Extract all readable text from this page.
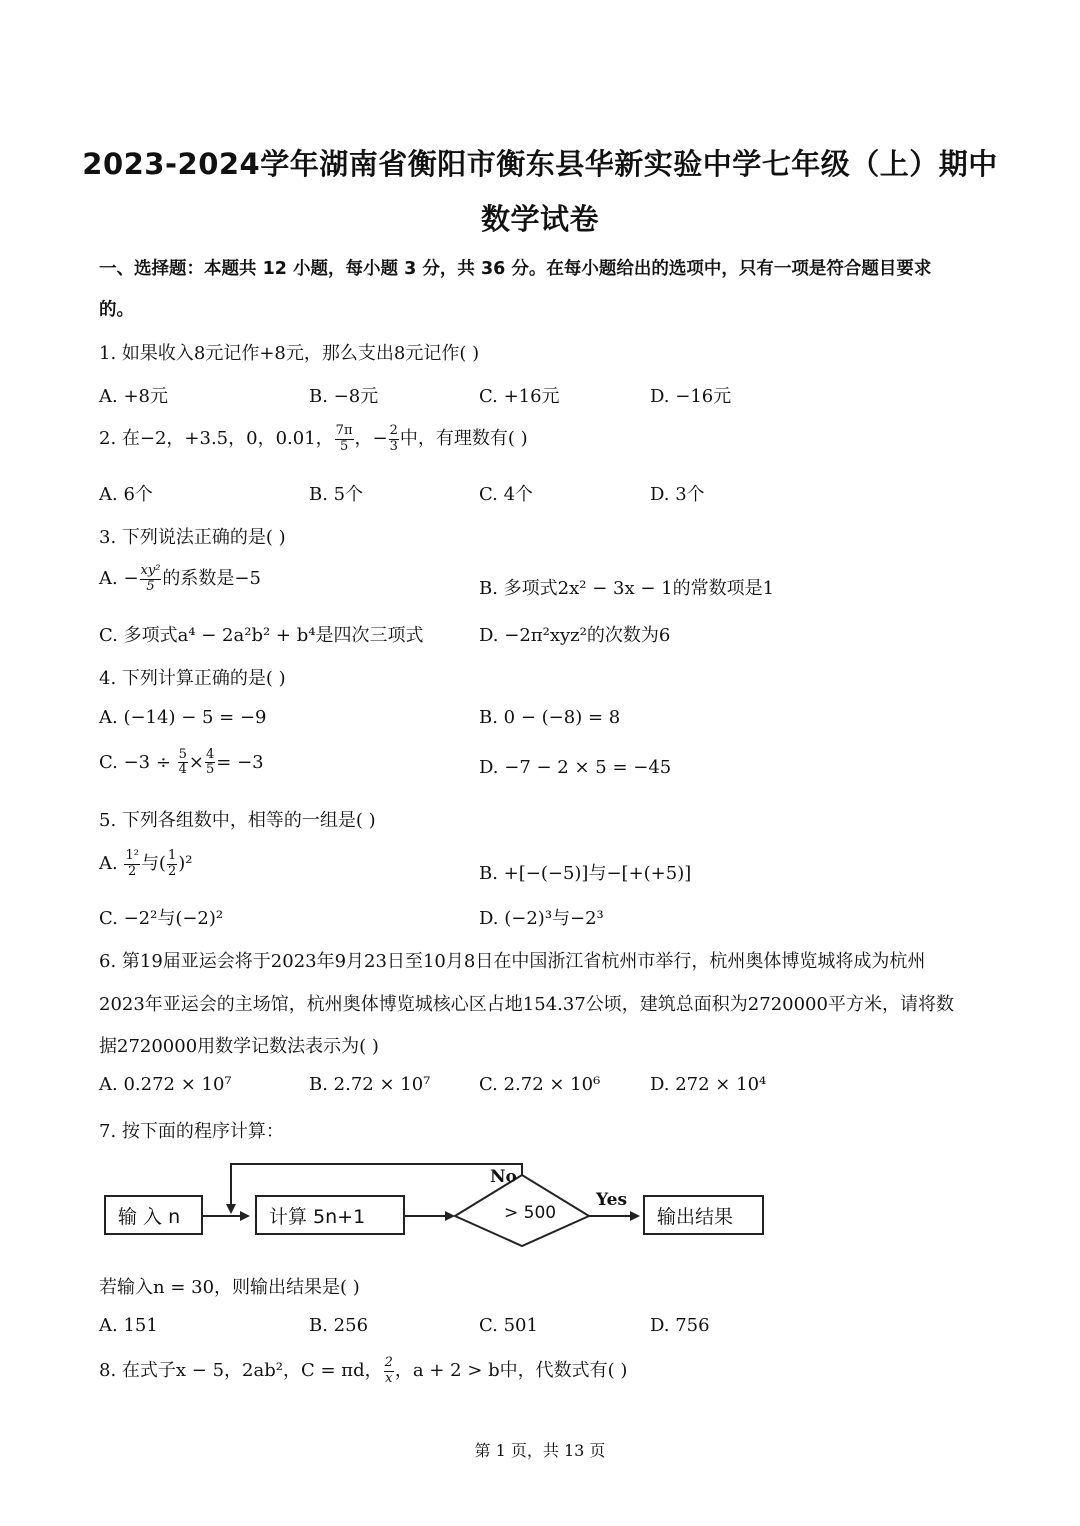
2023-2024学年湖南省衡阳市衡东县华新实验中学七年级（上）期中
数学试卷
一、选择题：本题共 12 小题，每小题 3 分，共 36 分。在每小题给出的选项中，只有一项是符合题目要求
的。
1. 如果收入8元记作+8元，那么支出8元记作( )
A. +8元	B. −8元	C. +16元	D. −16元
2. 在−2，+3.5，0，0.01， $\frac{7\pi}{5}$ ，− $\frac{2}{3}$ 中，有理数有( )
A. 6个	B. 5个	C. 4个	D. 3个
3. 下列说法正确的是( )
A. − $\frac{\text{xy²}}{5}$ 的系数是−5	B. 多项式2x² − 3x − 1的常数项是1
C. 多项式a⁴ − 2a²b² + b⁴是四次三项式	D. −2π²xyz²的次数为6
4. 下列计算正确的是( )
A. (−14) − 5 = −9	B. 0 − (−8) = 8
C. $-3 \div \frac{5}{4} \times \frac{4}{5} = -3$	D. −7 − 2 × 5 = −45
5. 下列各组数中，相等的一组是( )
A. $\frac{\text{1²}}{2}$ 与( $\frac{1}{2} )^2$	B. +[−(−5)]与−[+(+5)]
C. −2²与(−2)²	D. (−2)³与−2³
6. 第19届亚运会将于2023年9月23日至10月8日在中国浙江省杭州市举行，杭州奥体博览城将成为杭州
2023年亚运会的主场馆，杭州奥体博览城核心区占地154.37公顷，建筑总面积为2720000平方米，请将数
据2720000用数学记数法表示为( )
A. 0.272 × 10⁷	B. 2.72 × 10⁷	C. 2.72 × 10⁶	D. 272 × 10⁴
7. 按下面的程序计算：
输 入 n	计算 5n+1	> 500
No
Yes
输出结果
若输入n = 30，则输出结果是( )
A. 151	B. 256	C. 501	D. 756
8. 在式子x − 5，2ab²，C = πd， $\frac{2}{x}$ ，a + 2 > b中，代数式有( )
第 1 页，共 13 页
